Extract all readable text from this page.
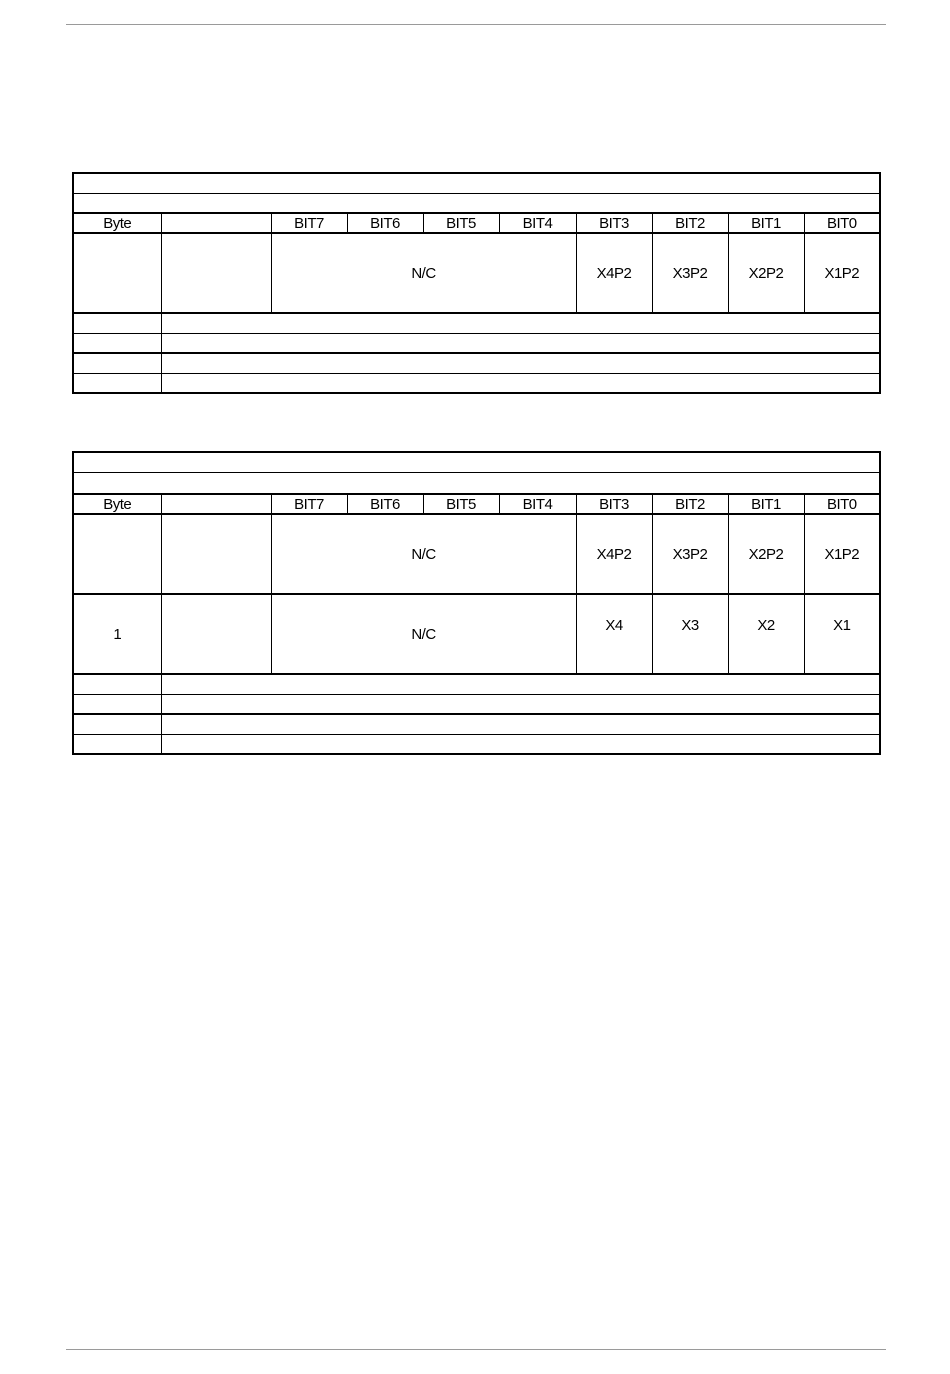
Byte		BIT7	BIT6	BIT5	BIT4	BIT3	BIT2	BIT1	BIT0
		N/C				X4P2	X3P2	X2P2	X1P2

Byte		BIT7	BIT6	BIT5	BIT4	BIT3	BIT2	BIT1	BIT0
		N/C				X4P2	X3P2	X2P2	X1P2
1		N/C				X4	X3	X2	X1
